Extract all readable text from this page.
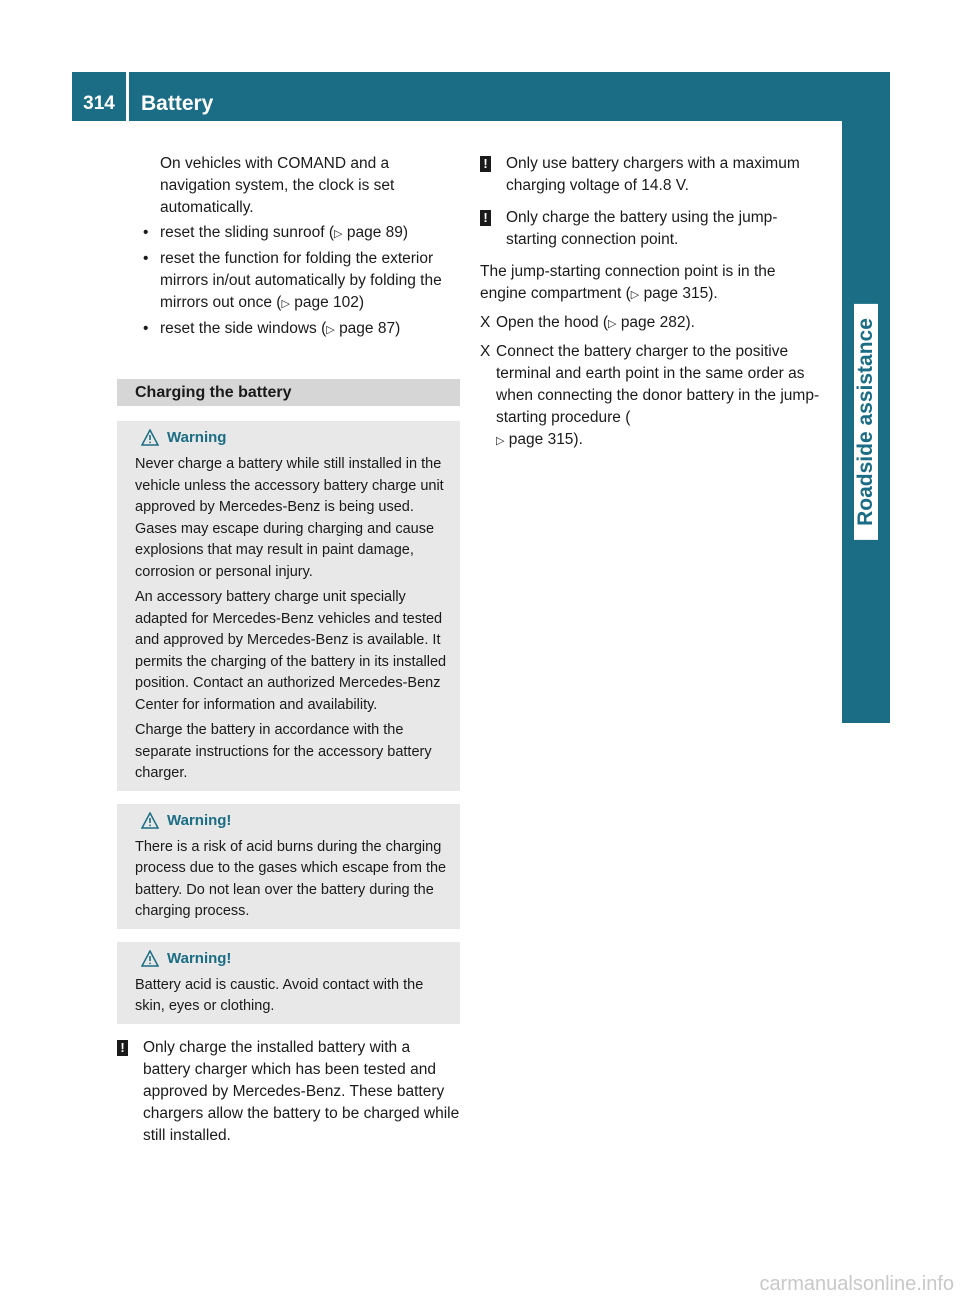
314	Battery
Roadside assistance

On vehicles with COMAND and a navigation system, the clock is set automatically.

• reset the sliding sunroof (▷ page 89)
• reset the function for folding the exterior mirrors in/out automatically by folding the mirrors out once (▷ page 102)
• reset the side windows (▷ page 87)
Charging the battery
Warning

Never charge a battery while still installed in the vehicle unless the accessory battery charge unit approved by Mercedes-Benz is being used. Gases may escape during charging and cause explosions that may result in paint damage, corrosion or personal injury.

An accessory battery charge unit specially adapted for Mercedes-Benz vehicles and tested and approved by Mercedes-Benz is available. It permits the charging of the battery in its installed position. Contact an authorized Mercedes-Benz Center for information and availability.

Charge the battery in accordance with the separate instructions for the accessory battery charger.

Warning!

There is a risk of acid burns during the charging process due to the gases which escape from the battery. Do not lean over the battery during the charging process.

Warning!

Battery acid is caustic. Avoid contact with the skin, eyes or clothing.

! Only charge the installed battery with a battery charger which has been tested and approved by Mercedes-Benz. These battery chargers allow the battery to be charged while still installed.
! Only use battery chargers with a maximum charging voltage of 14.8 V.
! Only charge the battery using the jump-starting connection point.

The jump-starting connection point is in the engine compartment (▷ page 315).

X Open the hood (▷ page 282).
X Connect the battery charger to the positive terminal and earth point in the same order as when connecting the donor battery in the jump-starting procedure (
▷ page 315).
carmanualsonline.info
